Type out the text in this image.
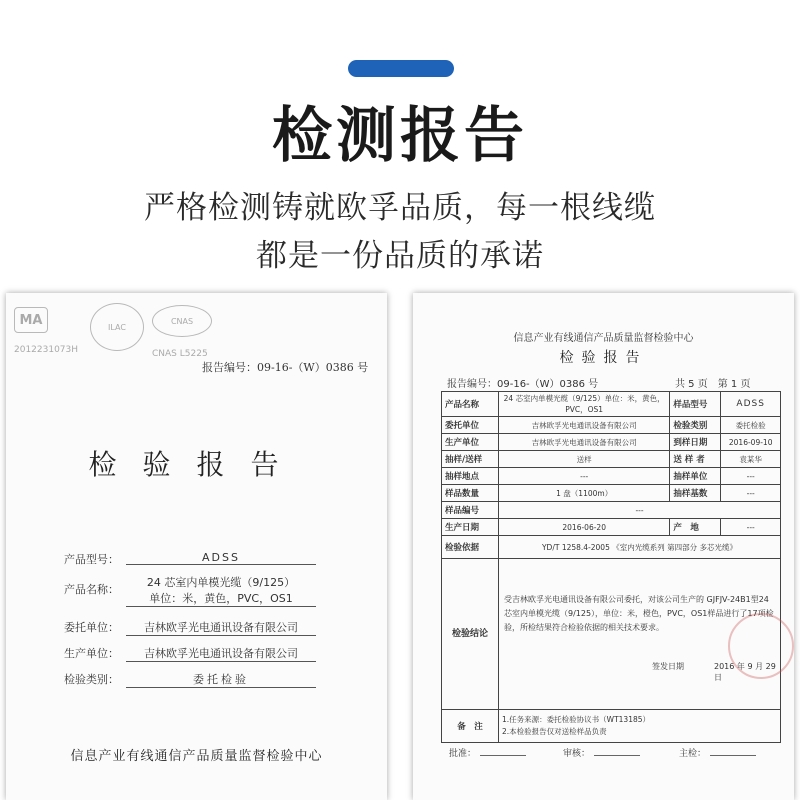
检测报告
严格检测铸就欧孚品质，每一根线缆
都是一份品质的承诺
MA
2012231073H
ILAC
CNAS
CNAS L5225
报告编号：09-16-（W）0386 号
检验报告
产品型号：	ADSS
产品名称：
24 芯室内单模光缆（9/125）
单位：米，黄色，PVC，OS1
委托单位：	吉林欧孚光电通讯设备有限公司
生产单位：	吉林欧孚光电通讯设备有限公司
检验类别：	委托检验
信息产业有线通信产品质量监督检验中心
信息产业有线通信产品质量监督检验中心
检验报告
报告编号：09-16-（W）0386 号	共 5 页　第 1 页
产品名称	24 芯室内单模光缆（9/125）单位：米，黄色，PVC，OS1	样品型号	ADSS
委托单位	吉林欧孚光电通讯设备有限公司	检验类别	委托检验
生产单位	吉林欧孚光电通讯设备有限公司	到样日期	2016-09-10
抽样/送样	送样	送 样 者	袁某华
抽样地点	---	抽样单位	---
样品数量	1 盘（1100m）	抽样基数	---
样品编号	---		
生产日期	2016-06-20	产　地	---
检验依据	YD/T 1258.4-2005 《室内光缆系列 第四部分 多芯光缆》		
检验结论	受吉林欧孚光电通讯设备有限公司委托，对该公司生产的 GJFJV-24B1型24芯室内单模光缆（9/125），单位：米，橙色，PVC，OS1样品进行了17项检验，所检结果符合检验依据的相关技术要求。
签发日期 2016 年 9 月 29 日		

备　注	1.任务来源：委托检验协议书（WT13185）
2.本检验报告仅对送检样品负责		
批准：	审核：	主检：
